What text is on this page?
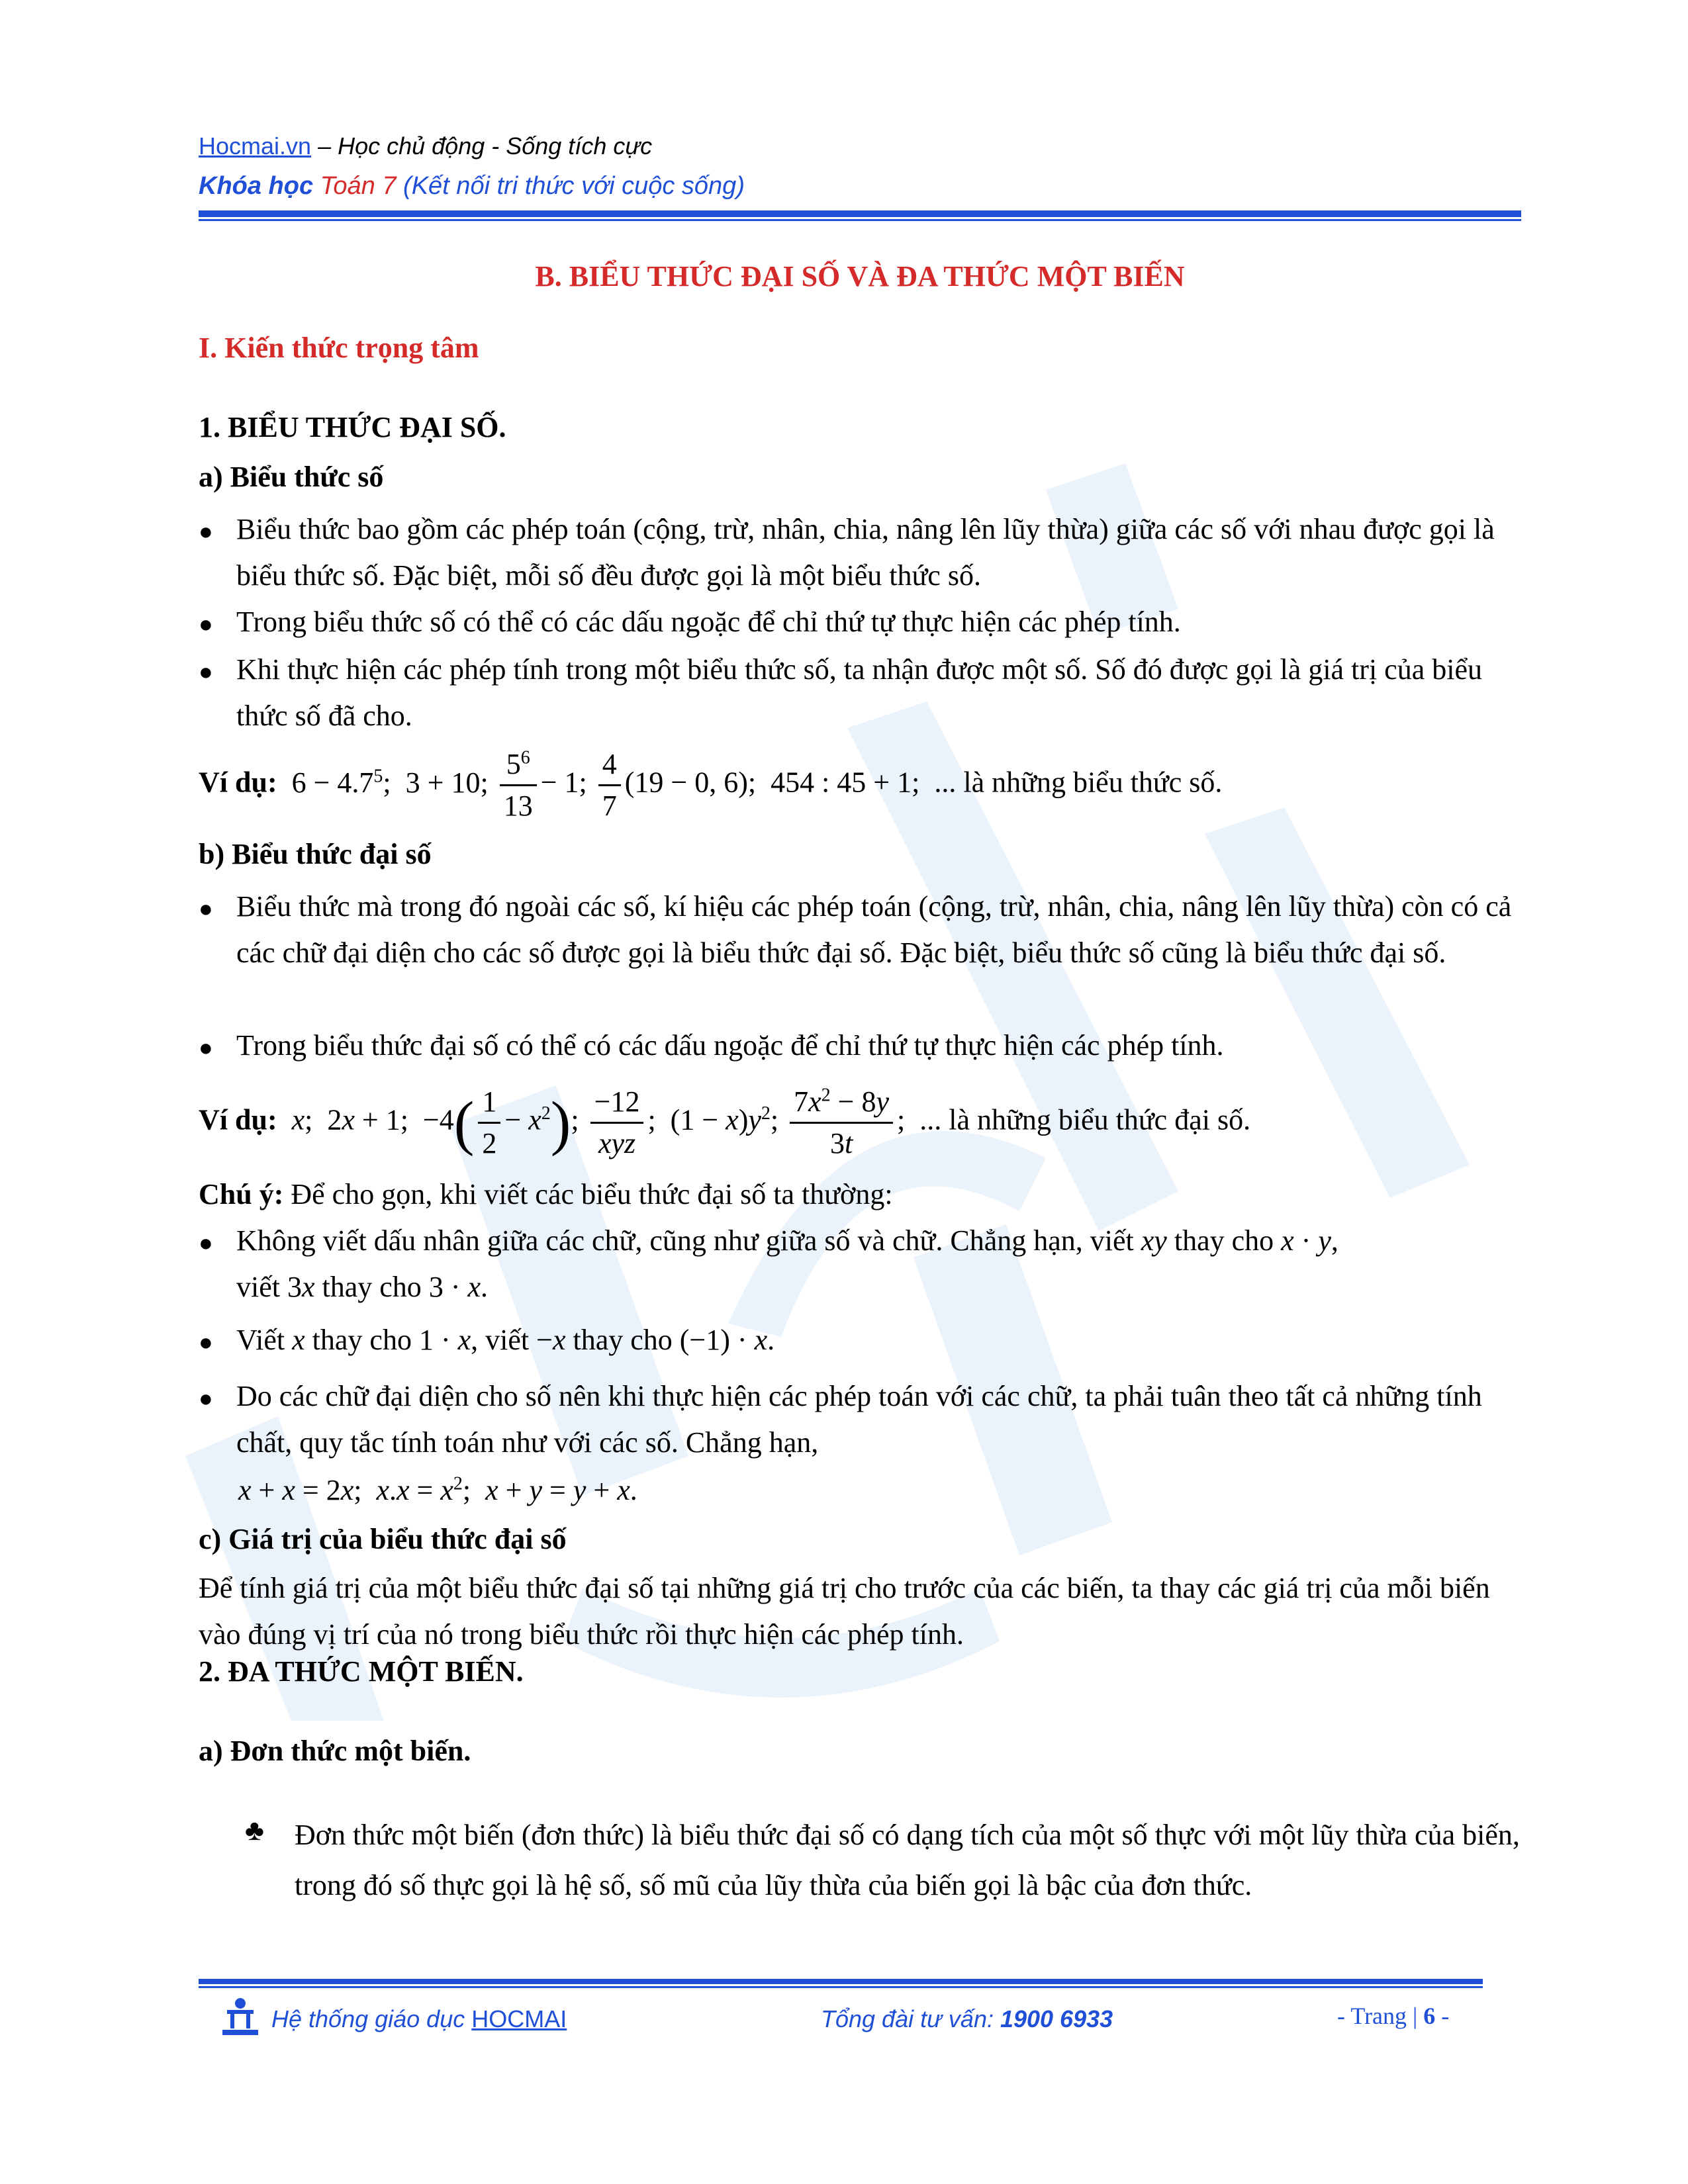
Hocmai.vn – Học chủ động - Sống tích cực
Khóa học Toán 7 (Kết nối tri thức với cuộc sống)
B. BIỂU THỨC ĐẠI SỐ VÀ ĐA THỨC MỘT BIẾN
I. Kiến thức trọng tâm
1. BIỂU THỨC ĐẠI SỐ.
a) Biểu thức số
● Biểu thức bao gồm các phép toán (cộng, trừ, nhân, chia, nâng lên lũy thừa) giữa các số với nhau được gọi là biểu thức số. Đặc biệt, mỗi số đều được gọi là một biểu thức số.
● Trong biểu thức số có thể có các dấu ngoặc để chỉ thứ tự thực hiện các phép tính.
● Khi thực hiện các phép tính trong một biểu thức số, ta nhận được một số. Số đó được gọi là giá trị của biểu thức số đã cho.
Ví dụ:  $6 - 4.7^5$;  3 + 10; $\frac{5^6}{13} - 1$; $\frac{4}{7} (19 - 0$, 6);  454 : 45 + 1;  ... là những biểu thức số.
b) Biểu thức đại số
● Biểu thức mà trong đó ngoài các số, kí hiệu các phép toán (cộng, trừ, nhân, chia, nâng lên lũy thừa) còn có cả các chữ đại diện cho các số được gọi là biểu thức đại số. Đặc biệt, biểu thức số cũng là biểu thức đại số.
● Trong biểu thức đại số có thể có các dấu ngoặc để chỉ thứ tự thực hiện các phép tính.
Ví dụ:  x;  2x + 1;  $-4( \frac{1}{2} - x^2)$; $\frac{-12}{\text{xyz}}$ ;  $(1 - x)y^2$; $\frac{7x^2 - 8y}{3t}$ ;  ... là những biểu thức đại số.
Chú ý: Để cho gọn, khi viết các biểu thức đại số ta thường:
● Không viết dấu nhân giữa các chữ, cũng như giữa số và chữ. Chẳng hạn, viết xy thay cho x · y,
viết 3x thay cho 3 · x.
● Viết x thay cho 1 · x, viết −x thay cho (−1) · x.
● Do các chữ đại diện cho số nên khi thực hiện các phép toán với các chữ, ta phải tuân theo tất cả những tính chất, quy tắc tính toán như với các số. Chẳng hạn,
x + x = 2x;  $x.x = x^2$;  x + y = y + x.
c) Giá trị của biểu thức đại số
Để tính giá trị của một biểu thức đại số tại những giá trị cho trước của các biến, ta thay các giá trị của mỗi biến vào đúng vị trí của nó trong biểu thức rồi thực hiện các phép tính.
2. ĐA THỨC MỘT BIẾN.
a) Đơn thức một biến.
♣ Đơn thức một biến (đơn thức) là biểu thức đại số có dạng tích của một số thực với một lũy thừa của biến, trong đó số thực gọi là hệ số, số mũ của lũy thừa của biến gọi là bậc của đơn thức.
Hệ thống giáo dục HOCMAI	Tổng đài tư vấn: 1900 6933	- Trang | 6 -
